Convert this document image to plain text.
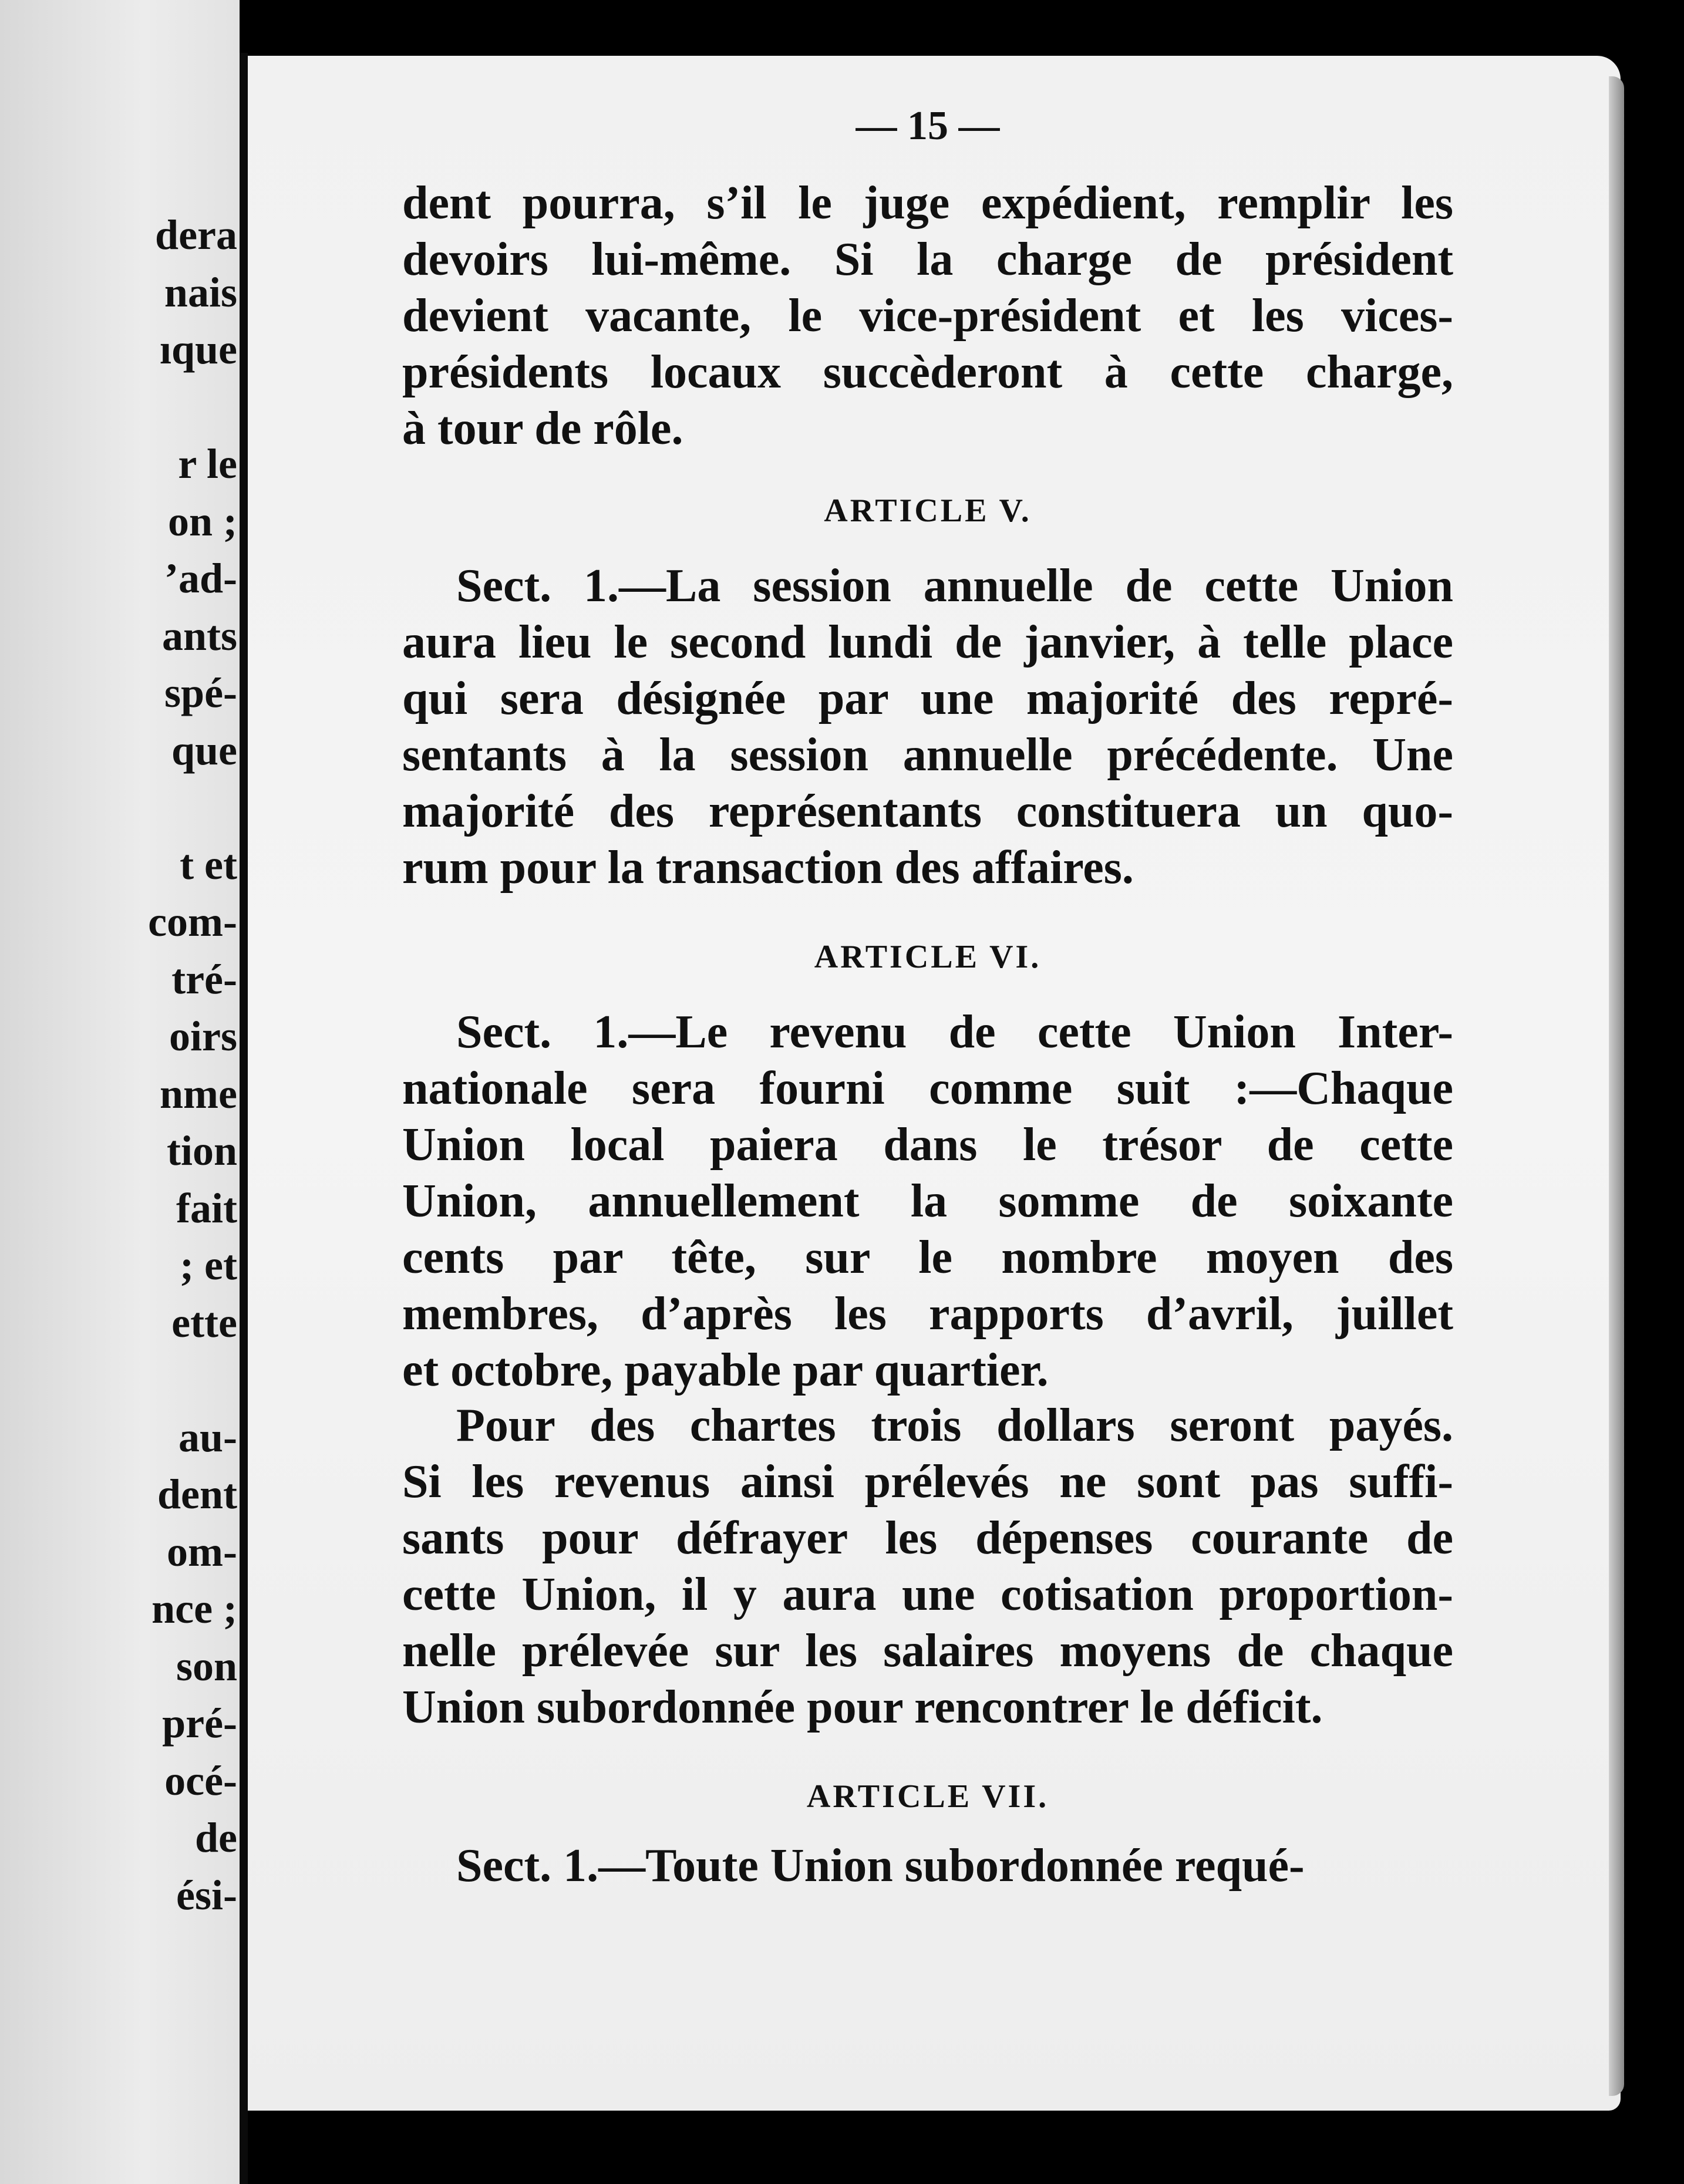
dera
nais
ıque
r le
on ;
’ad-
ants
spé-
que
t et
com-
tré-
oirs
nme
tion
fait
; et
ette
au-
dent
om-
nce ;
son
pré-
océ-
de
ési-
— 15 —
dent pourra, s’il le juge expédient, remplir les
devoirs lui-même. Si la charge de président
devient vacante, le vice-président et les vices-
présidents locaux succèderont à cette charge,
à tour de rôle.
ARTICLE V.
Sect. 1.—La session annuelle de cette Union
aura lieu le second lundi de janvier, à telle place
qui sera désignée par une majorité des repré-
sentants à la session annuelle précédente. Une
majorité des représentants constituera un quo-
rum pour la transaction des affaires.
ARTICLE VI.
Sect. 1.—Le revenu de cette Union Inter-
nationale sera fourni comme suit :—Chaque
Union local paiera dans le trésor de cette
Union, annuellement la somme de soixante
cents par tête, sur le nombre moyen des
membres, d’après les rapports d’avril, juillet
et octobre, payable par quartier.
Pour des chartes trois dollars seront payés.
Si les revenus ainsi prélevés ne sont pas suffi-
sants pour défrayer les dépenses courante de
cette Union, il y aura une cotisation proportion-
nelle prélevée sur les salaires moyens de chaque
Union subordonnée pour rencontrer le déficit.
ARTICLE VII.
Sect. 1.—Toute Union subordonnée requé-
